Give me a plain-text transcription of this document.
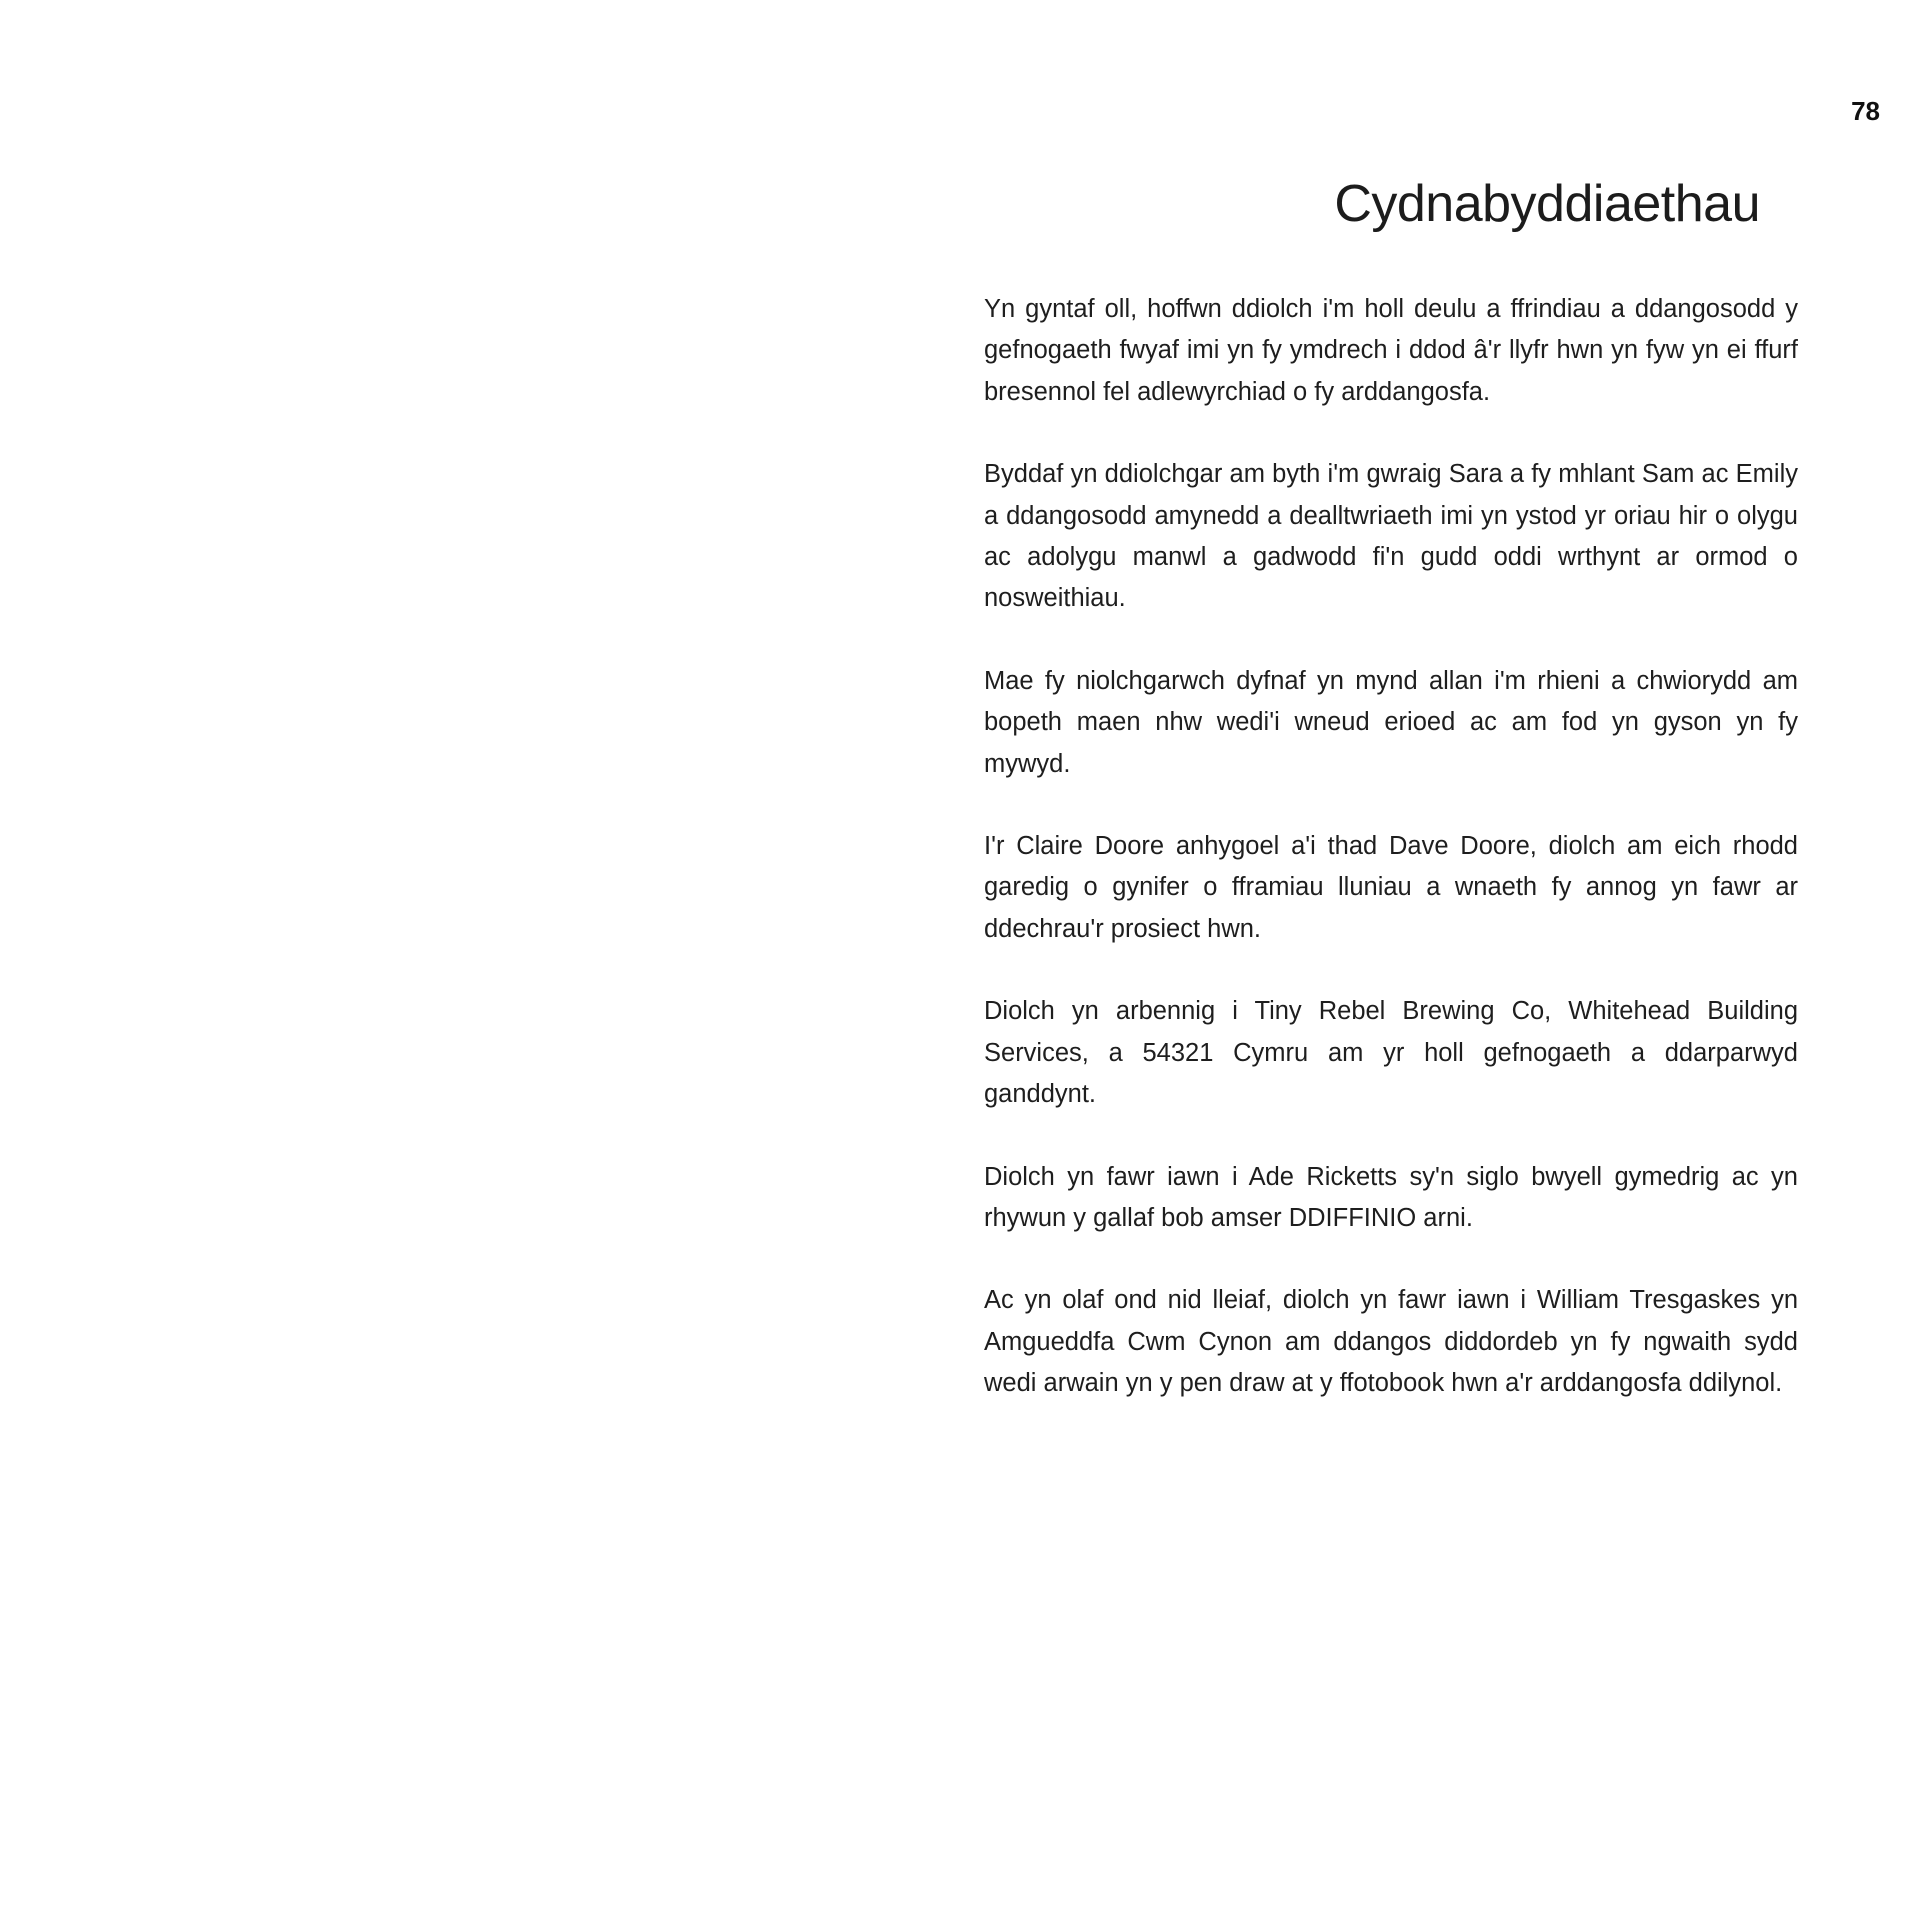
78
Cydnabyddiaethau

Yn gyntaf oll, hoffwn ddiolch i'm holl deulu a ffrindiau a ddangosodd y gefnogaeth fwyaf imi yn fy ymdrech i ddod â'r llyfr hwn yn fyw yn ei ffurf bresennol fel adlewyrchiad o fy arddangosfa.

Byddaf yn ddiolchgar am byth i'm gwraig Sara a fy mhlant Sam ac Emily a ddangosodd amynedd a dealltwriaeth imi yn ystod yr oriau hir o olygu ac adolygu manwl a gadwodd fi'n gudd oddi wrthynt ar ormod o nosweithiau.

Mae fy niolchgarwch dyfnaf yn mynd allan i'm rhieni a chwiorydd am bopeth maen nhw wedi'i wneud erioed ac am fod yn gyson yn fy mywyd.

I'r Claire Doore anhygoel a'i thad Dave Doore, diolch am eich rhodd garedig o gynifer o fframiau lluniau a wnaeth fy annog yn fawr ar ddechrau'r prosiect hwn.

Diolch yn arbennig i Tiny Rebel Brewing Co, Whitehead Building Services, a 54321 Cymru am yr holl gefnogaeth a ddarparwyd ganddynt.

Diolch yn fawr iawn i Ade Ricketts sy'n siglo bwyell gymedrig ac yn rhywun y gallaf bob amser DDIFFINIO arni.

Ac yn olaf ond nid lleiaf, diolch yn fawr iawn i William Tresgaskes yn Amgueddfa Cwm Cynon am ddangos diddordeb yn fy ngwaith sydd wedi arwain yn y pen draw at y ffotobook hwn a'r arddangosfa ddilynol.
